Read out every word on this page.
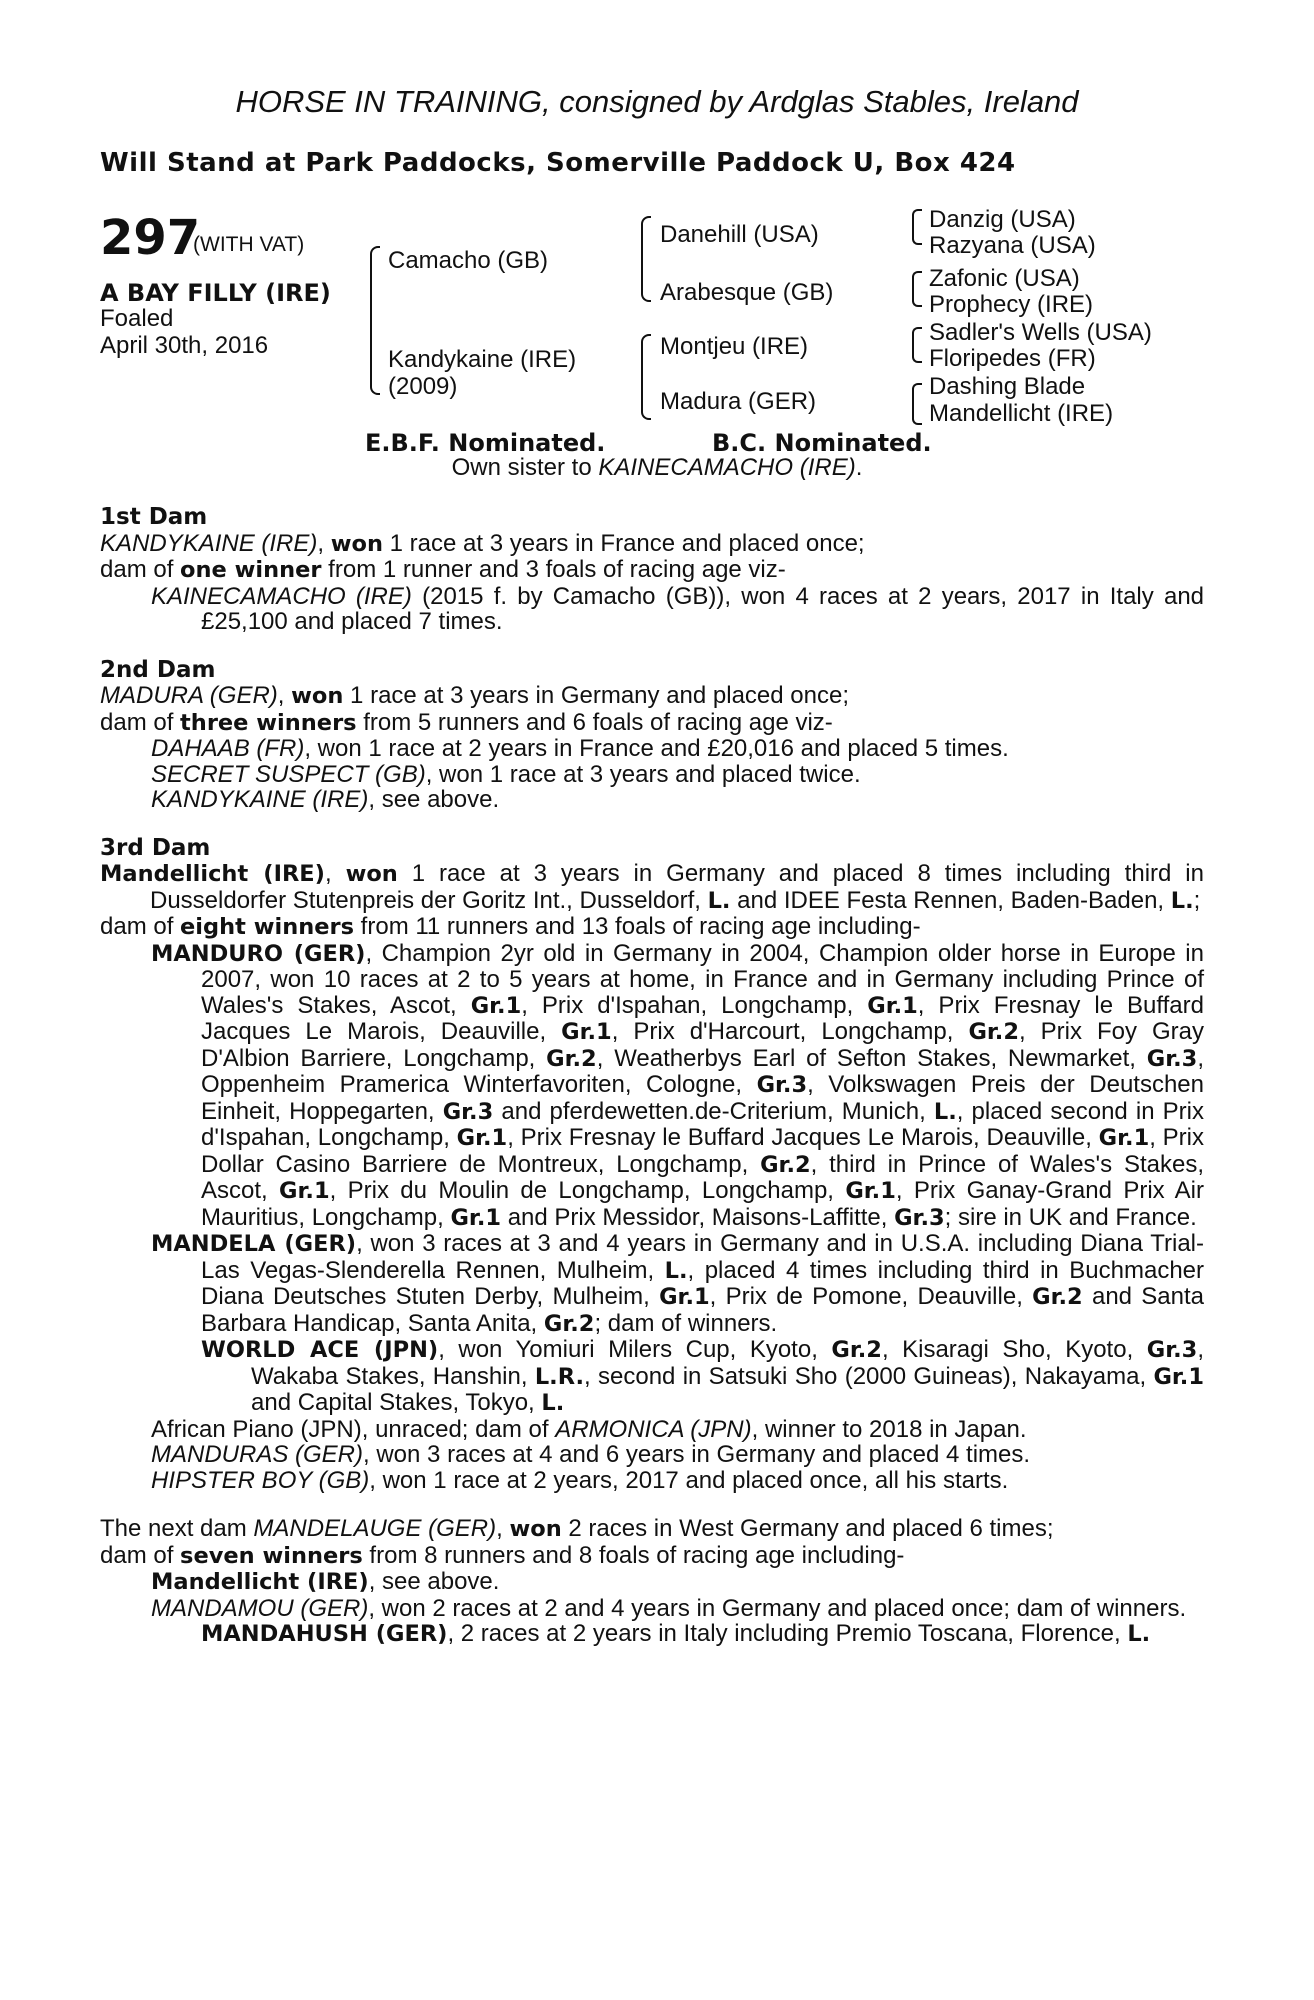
HORSE IN TRAINING, consigned by Ardglas Stables, Ireland
Will Stand at Park Paddocks, Somerville Paddock U, Box 424
297
(WITH VAT)
A BAY FILLY (IRE)
Foaled
April 30th, 2016
Camacho (GB)
Kandykaine (IRE)
(2009)
Danehill (USA)
Arabesque (GB)
Montjeu (IRE)
Madura (GER)
Danzig (USA)
Razyana (USA)
Zafonic (USA)
Prophecy (IRE)
Sadler's Wells (USA)
Floripedes (FR)
Dashing Blade
Mandellicht (IRE)
E.B.F. Nominated.	B.C. Nominated.
Own sister to KAINECAMACHO (IRE).
1st Dam
KANDYKAINE (IRE), won 1 race at 3 years in France and placed once;
dam of one winner from 1 runner and 3 foals of racing age viz-
KAINECAMACHO (IRE) (2015 f. by Camacho (GB)), won 4 races at 2 years, 2017 in Italy and £25,100 and placed 7 times.
2nd Dam
MADURA (GER), won 1 race at 3 years in Germany and placed once;
dam of three winners from 5 runners and 6 foals of racing age viz-
DAHAAB (FR), won 1 race at 2 years in France and £20,016 and placed 5 times.
SECRET SUSPECT (GB), won 1 race at 3 years and placed twice.
KANDYKAINE (IRE), see above.
3rd Dam
Mandellicht (IRE), won 1 race at 3 years in Germany and placed 8 times including third in Dusseldorfer Stutenpreis der Goritz Int., Dusseldorf, L. and IDEE Festa Rennen, Baden-Baden, L.;
dam of eight winners from 11 runners and 13 foals of racing age including-
MANDURO (GER), Champion 2yr old in Germany in 2004, Champion older horse in Europe in 2007, won 10 races at 2 to 5 years at home, in France and in Germany including Prince of Wales's Stakes, Ascot, Gr.1, Prix d'Ispahan, Longchamp, Gr.1, Prix Fresnay le Buffard Jacques Le Marois, Deauville, Gr.1, Prix d'Harcourt, Longchamp, Gr.2, Prix Foy Gray D'Albion Barriere, Longchamp, Gr.2, Weatherbys Earl of Sefton Stakes, Newmarket, Gr.3, Oppenheim Pramerica Winterfavoriten, Cologne, Gr.3, Volkswagen Preis der Deutschen Einheit, Hoppegarten, Gr.3 and pferdewetten.de-Criterium, Munich, L., placed second in Prix d'Ispahan, Longchamp, Gr.1, Prix Fresnay le Buffard Jacques Le Marois, Deauville, Gr.1, Prix Dollar Casino Barriere de Montreux, Longchamp, Gr.2, third in Prince of Wales's Stakes, Ascot, Gr.1, Prix du Moulin de Longchamp, Longchamp, Gr.1, Prix Ganay-Grand Prix Air Mauritius, Longchamp, Gr.1 and Prix Messidor, Maisons-Laffitte, Gr.3; sire in UK and France.
MANDELA (GER), won 3 races at 3 and 4 years in Germany and in U.S.A. including Diana Trial-Las Vegas-Slenderella Rennen, Mulheim, L., placed 4 times including third in Buchmacher Diana Deutsches Stuten Derby, Mulheim, Gr.1, Prix de Pomone, Deauville, Gr.2 and Santa Barbara Handicap, Santa Anita, Gr.2; dam of winners.
WORLD ACE (JPN), won Yomiuri Milers Cup, Kyoto, Gr.2, Kisaragi Sho, Kyoto, Gr.3, Wakaba Stakes, Hanshin, L.R., second in Satsuki Sho (2000 Guineas), Nakayama, Gr.1 and Capital Stakes, Tokyo, L.
African Piano (JPN), unraced; dam of ARMONICA (JPN), winner to 2018 in Japan.
MANDURAS (GER), won 3 races at 4 and 6 years in Germany and placed 4 times.
HIPSTER BOY (GB), won 1 race at 2 years, 2017 and placed once, all his starts.
The next dam MANDELAUGE (GER), won 2 races in West Germany and placed 6 times;
dam of seven winners from 8 runners and 8 foals of racing age including-
Mandellicht (IRE), see above.
MANDAMOU (GER), won 2 races at 2 and 4 years in Germany and placed once; dam of winners.
MANDAHUSH (GER), 2 races at 2 years in Italy including Premio Toscana, Florence, L.
